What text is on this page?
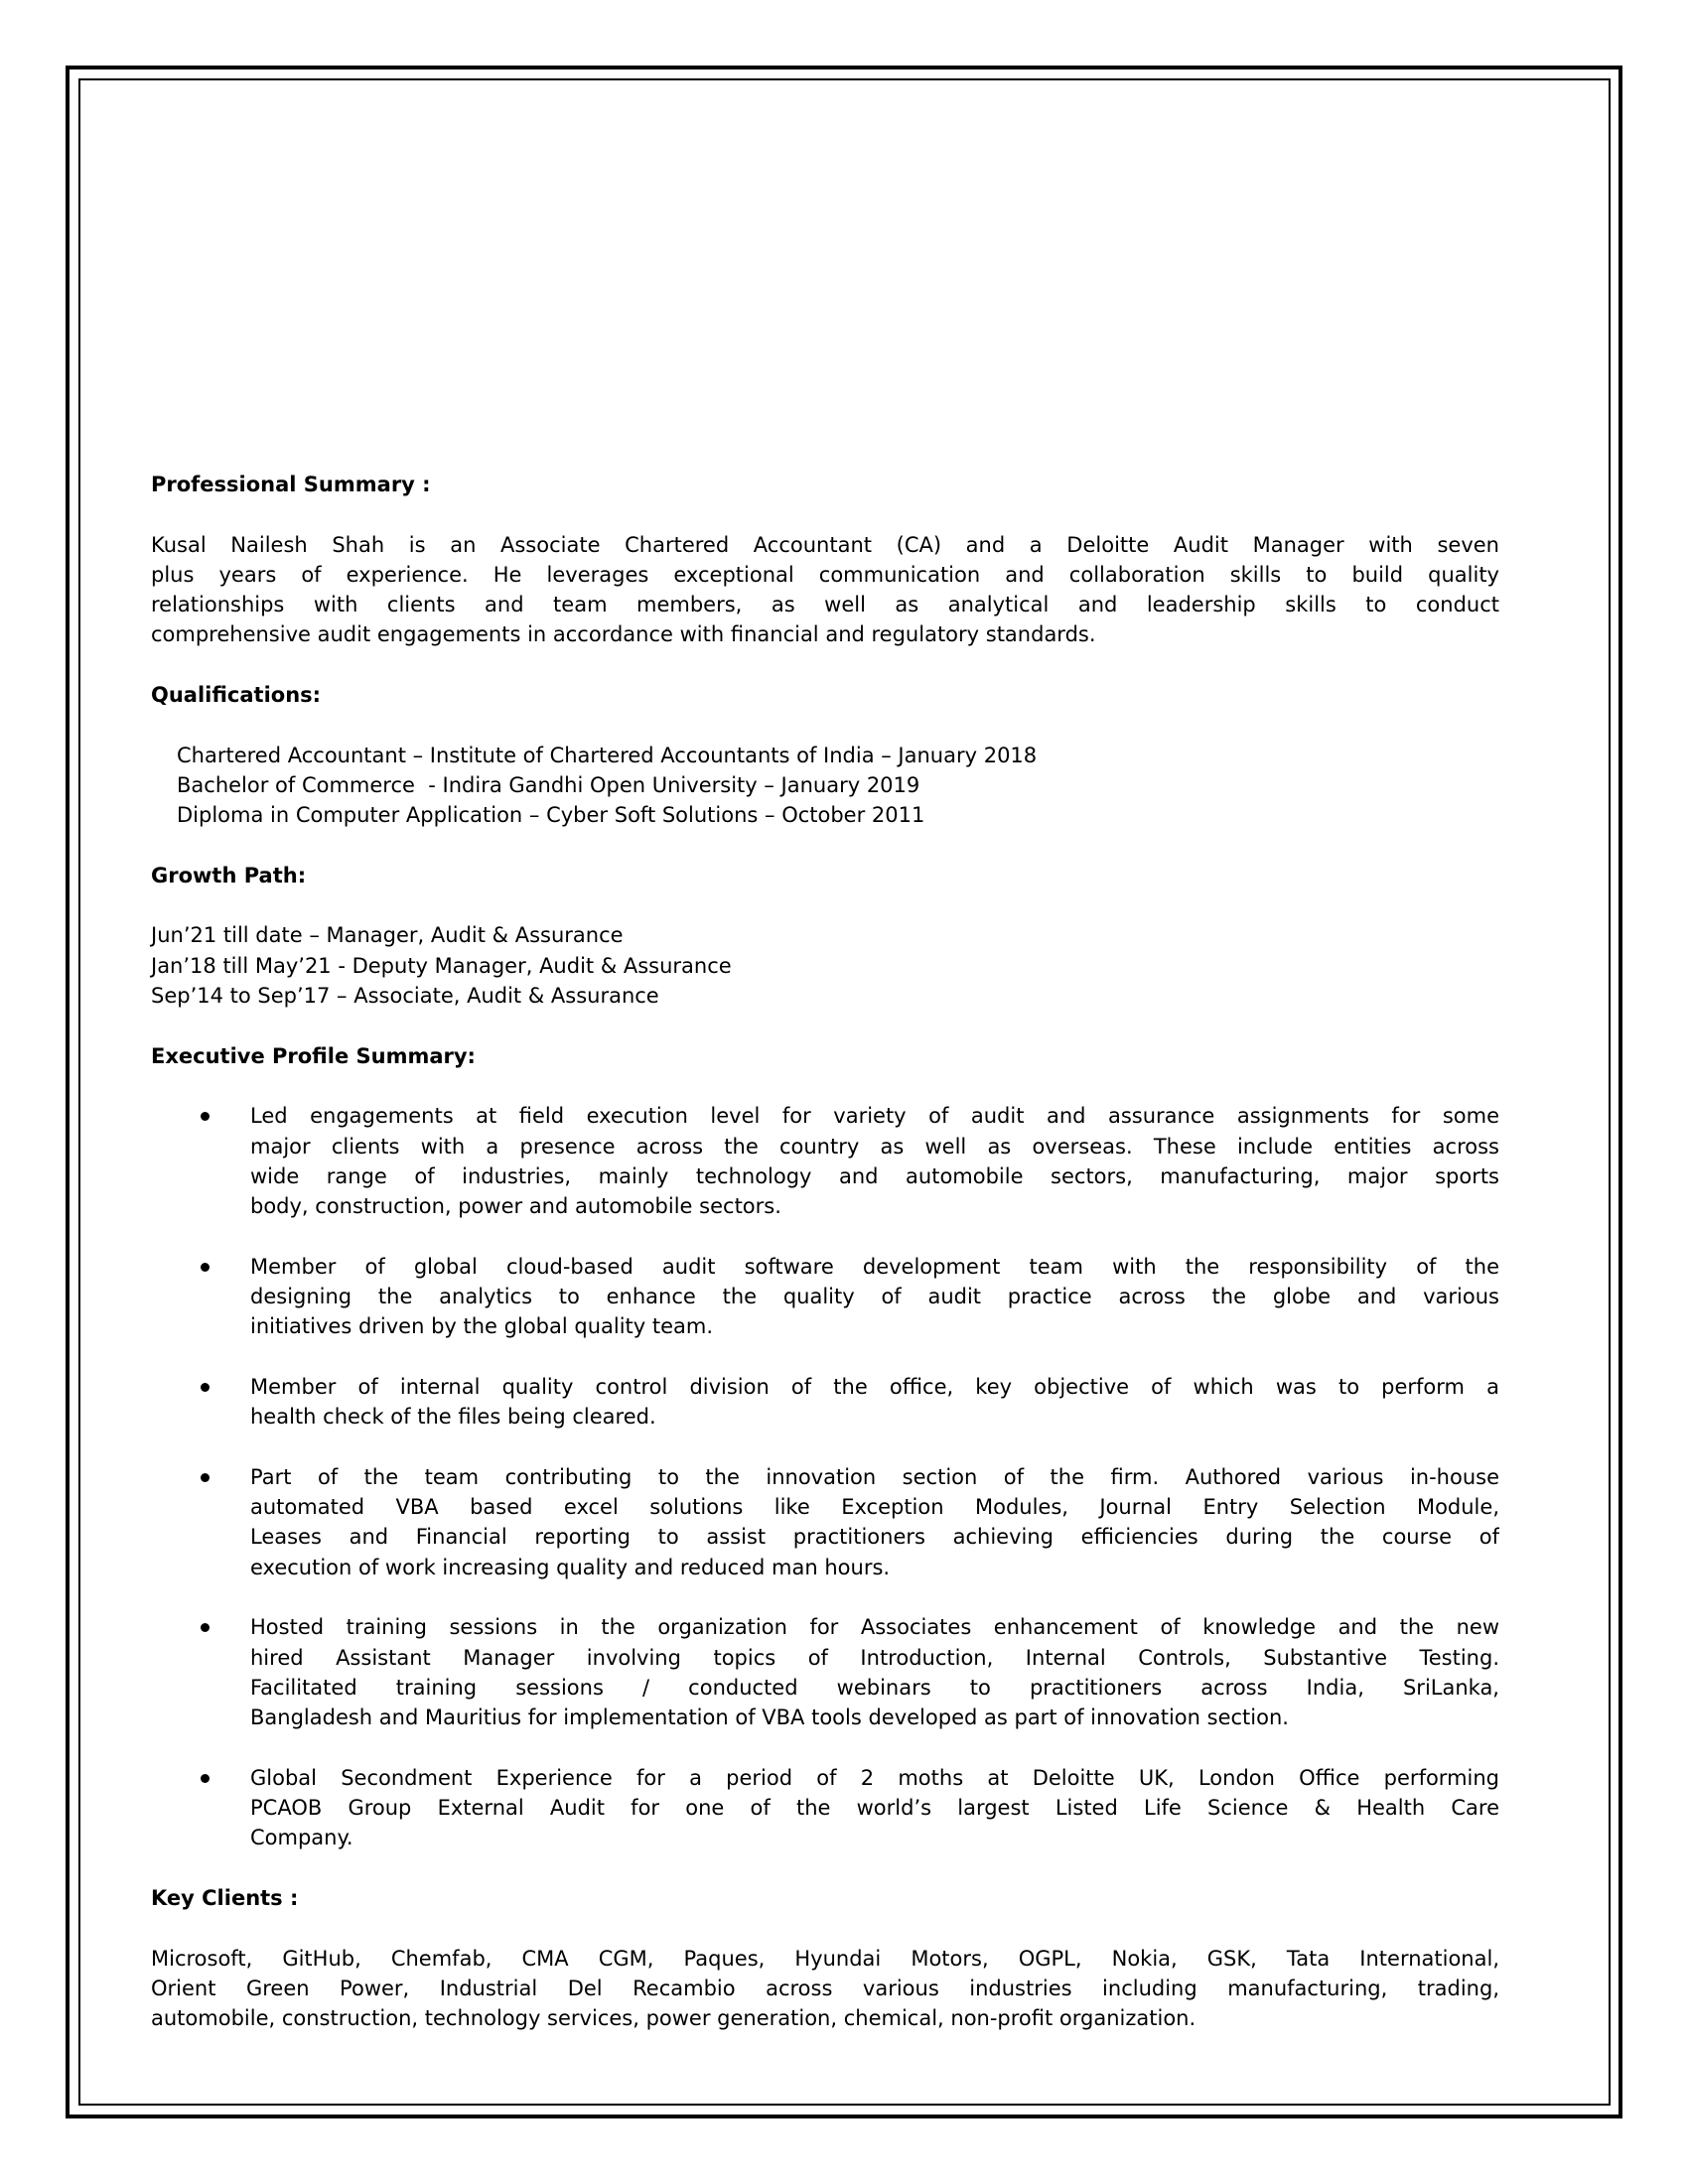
Professional Summary :
Kusal Nailesh Shah is an Associate Chartered Accountant (CA) and a Deloitte Audit Manager with seven
plus years of experience. He leverages exceptional communication and collaboration skills to build quality
relationships with clients and team members, as well as analytical and leadership skills to conduct
comprehensive audit engagements in accordance with financial and regulatory standards.
Qualifications:
Chartered Accountant – Institute of Chartered Accountants of India – January 2018
Bachelor of Commerce  - Indira Gandhi Open University – January 2019
Diploma in Computer Application – Cyber Soft Solutions – October 2011
Growth Path:
Jun’21 till date – Manager, Audit & Assurance
Jan’18 till May’21 - Deputy Manager, Audit & Assurance
Sep’14 to Sep’17 – Associate, Audit & Assurance
Executive Profile Summary:
Led engagements at field execution level for variety of audit and assurance assignments for some
major clients with a presence across the country as well as overseas. These include entities across
wide range of industries, mainly technology and automobile sectors, manufacturing, major sports
body, construction, power and automobile sectors.
Member of global cloud-based audit software development team with the responsibility of the
designing the analytics to enhance the quality of audit practice across the globe and various
initiatives driven by the global quality team.
Member of internal quality control division of the office, key objective of which was to perform a
health check of the files being cleared.
Part of the team contributing to the innovation section of the firm. Authored various in-house
automated VBA based excel solutions like Exception Modules, Journal Entry Selection Module,
Leases and Financial reporting to assist practitioners achieving efficiencies during the course of
execution of work increasing quality and reduced man hours.
Hosted training sessions in the organization for Associates enhancement of knowledge and the new
hired Assistant Manager involving topics of Introduction, Internal Controls, Substantive Testing.
Facilitated training sessions / conducted webinars to practitioners across India, SriLanka,
Bangladesh and Mauritius for implementation of VBA tools developed as part of innovation section.
Global Secondment Experience for a period of 2 moths at Deloitte UK, London Office performing
PCAOB Group External Audit for one of the world’s largest Listed Life Science & Health Care
Company.
Key Clients :
Microsoft, GitHub, Chemfab, CMA CGM, Paques, Hyundai Motors, OGPL, Nokia, GSK, Tata International,
Orient Green Power, Industrial Del Recambio across various industries including manufacturing, trading,
automobile, construction, technology services, power generation, chemical, non-profit organization.
